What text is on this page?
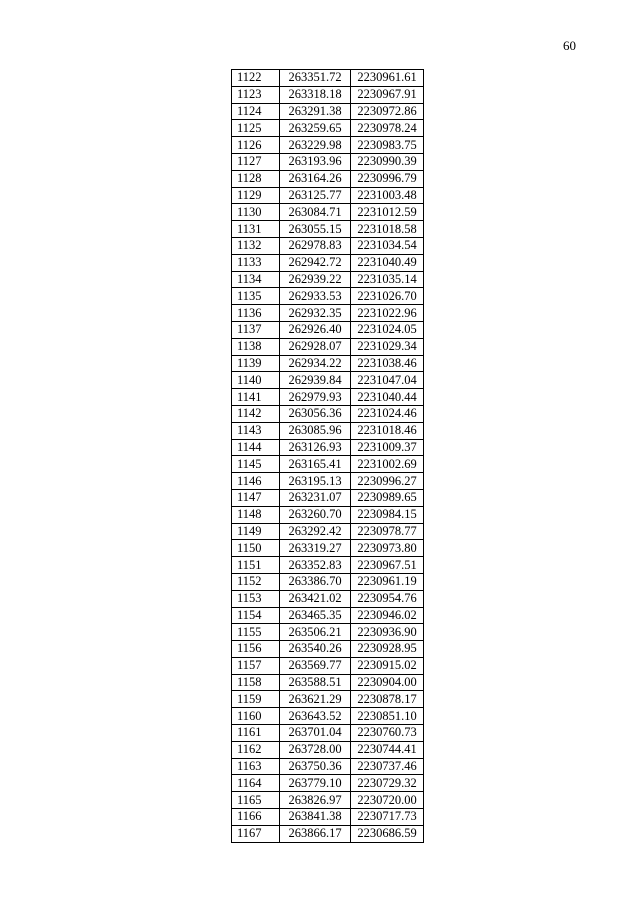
60
1122	263351.72	2230961.61
1123	263318.18	2230967.91
1124	263291.38	2230972.86
1125	263259.65	2230978.24
1126	263229.98	2230983.75
1127	263193.96	2230990.39
1128	263164.26	2230996.79
1129	263125.77	2231003.48
1130	263084.71	2231012.59
1131	263055.15	2231018.58
1132	262978.83	2231034.54
1133	262942.72	2231040.49
1134	262939.22	2231035.14
1135	262933.53	2231026.70
1136	262932.35	2231022.96
1137	262926.40	2231024.05
1138	262928.07	2231029.34
1139	262934.22	2231038.46
1140	262939.84	2231047.04
1141	262979.93	2231040.44
1142	263056.36	2231024.46
1143	263085.96	2231018.46
1144	263126.93	2231009.37
1145	263165.41	2231002.69
1146	263195.13	2230996.27
1147	263231.07	2230989.65
1148	263260.70	2230984.15
1149	263292.42	2230978.77
1150	263319.27	2230973.80
1151	263352.83	2230967.51
1152	263386.70	2230961.19
1153	263421.02	2230954.76
1154	263465.35	2230946.02
1155	263506.21	2230936.90
1156	263540.26	2230928.95
1157	263569.77	2230915.02
1158	263588.51	2230904.00
1159	263621.29	2230878.17
1160	263643.52	2230851.10
1161	263701.04	2230760.73
1162	263728.00	2230744.41
1163	263750.36	2230737.46
1164	263779.10	2230729.32
1165	263826.97	2230720.00
1166	263841.38	2230717.73
1167	263866.17	2230686.59
